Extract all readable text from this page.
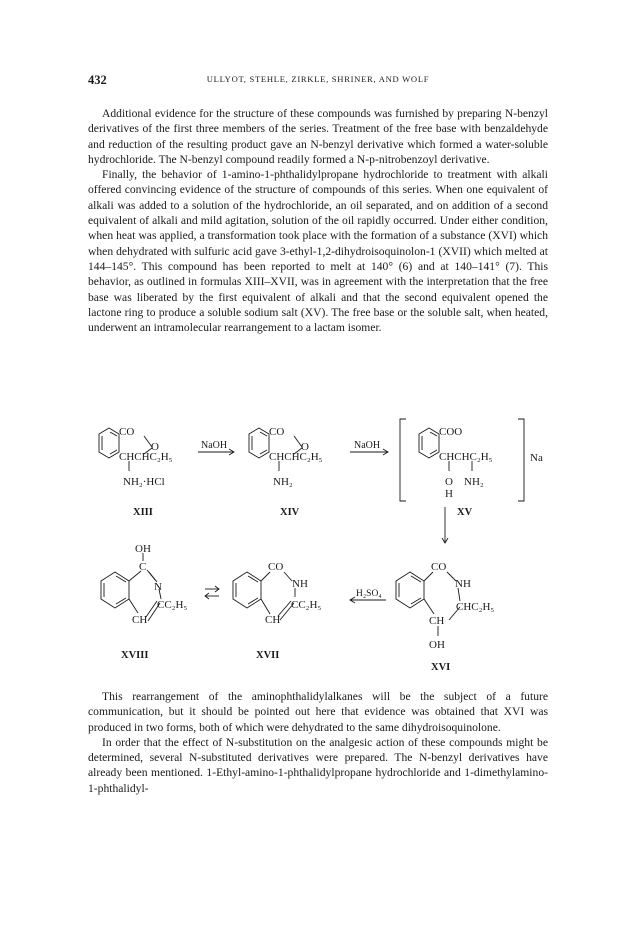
432	ULLYOT, STEHLE, ZIRKLE, SHRINER, AND WOLF

Additional evidence for the structure of these compounds was furnished by preparing N-benzyl derivatives of the first three members of the series. Treatment of the free base with benzaldehyde and reduction of the resulting product gave an N-benzyl derivative which formed a water-soluble hydrochloride. The N-benzyl compound readily formed a N-p-nitrobenzoyl derivative.

Finally, the behavior of 1-amino-1-phthalidylpropane hydrochloride to treatment with alkali offered convincing evidence of the structure of compounds of this series. When one equivalent of alkali was added to a solution of the hydrochloride, an oil separated, and on addition of a second equivalent of alkali and mild agitation, solution of the oil rapidly occurred. Under either condition, when heat was applied, a transformation took place with the formation of a substance (XVI) which when dehydrated with sulfuric acid gave 3-ethyl-1,2-dihydroisoquinolon-1 (XVII) which melted at 144–145°. This compound has been reported to melt at 140° (6) and at 140–141° (7). This behavior, as outlined in formulas XIII–XVII, was in agreement with the interpretation that the free base was liberated by the first equivalent of alkali and that the second equivalent opened the lactone ring to produce a soluble sodium salt (XV). The free base or the soluble salt, when heated, underwent an intramolecular rearrangement to a lactam isomer.

CO
O
CHCHC₂H₅
NH₂·HCl
XIII
NaOH
CO
O
CHCHC₂H₅
NH₂
XIV
NaOH
COO
CHCHC₂H₅
O NH₂
H
Na
XV
OH
C
N
CC₂H₅
CH
XVIII
CO
NH
CC₂H₅
CH
XVII
H₂SO₄
CO
NH
CHC₂H₅
CH
OH
XVI

This rearrangement of the aminophthalidylalkanes will be the subject of a future communication, but it should be pointed out here that evidence was obtained that XVI was produced in two forms, both of which were dehydrated to the same dihydroisoquinolone.

In order that the effect of N-substitution on the analgesic action of these compounds might be determined, several N-substituted derivatives were prepared. The N-benzyl derivatives have already been mentioned. 1-Ethyl-amino-1-phthalidylpropane hydrochloride and 1-dimethylamino-1-phthalidyl-
